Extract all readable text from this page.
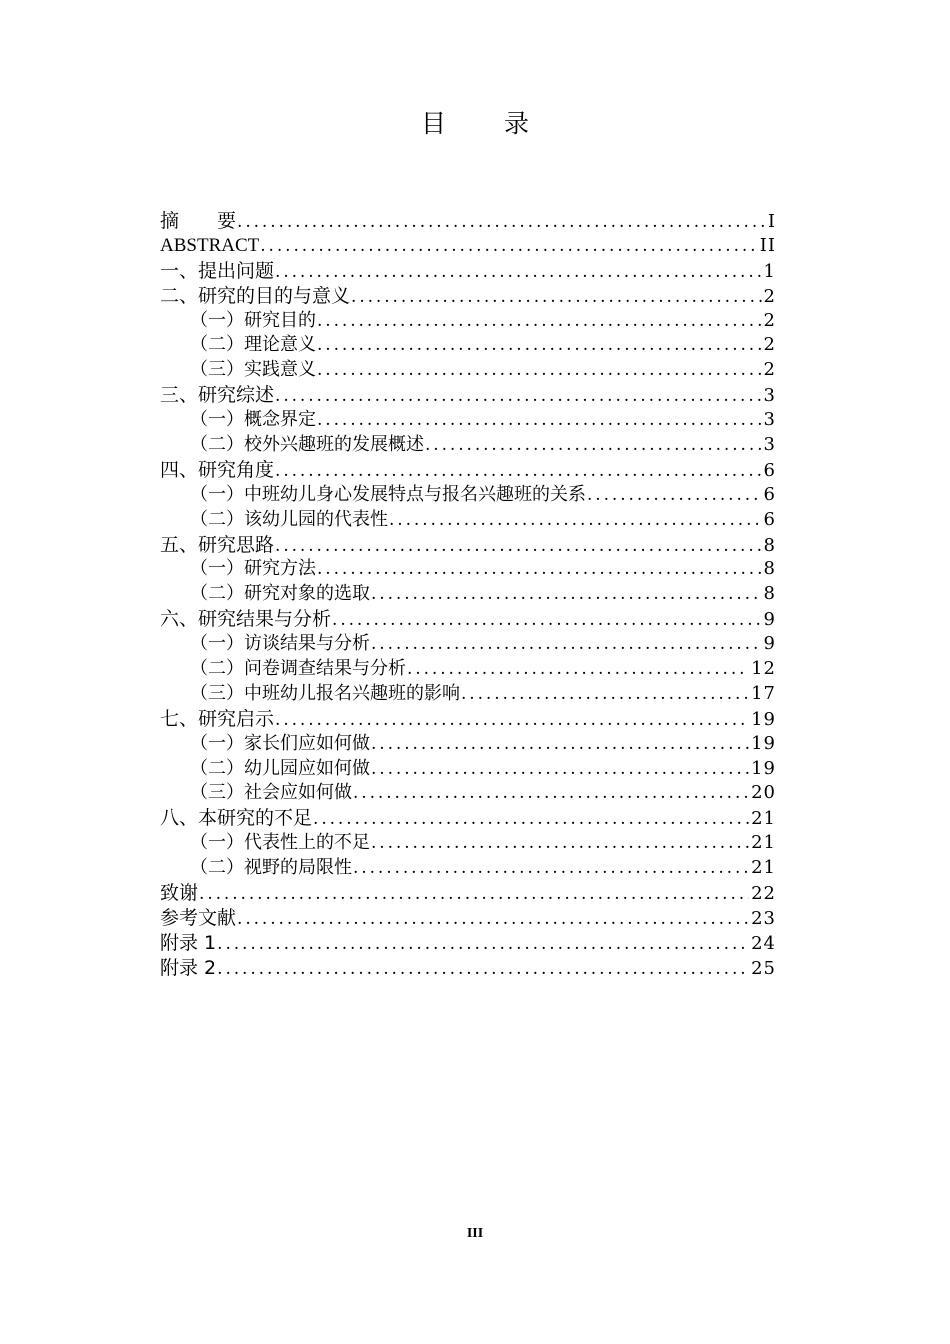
目 录
摘　　要 .....	I
ABSTRACT .....	II
一、提出问题 .....	1
二、研究的目的与意义 .....	2
（一）研究目的 .....	2
（二）理论意义 .....	2
（三）实践意义 .....	2
三、研究综述 .....	3
（一）概念界定 .....	3
（二）校外兴趣班的发展概述 .....	3
四、研究角度 .....	6
（一）中班幼儿身心发展特点与报名兴趣班的关系 .....	6
（二）该幼儿园的代表性 .....	6
五、研究思路 .....	8
（一）研究方法 .....	8
（二）研究对象的选取 .....	8
六、研究结果与分析 .....	9
（一）访谈结果与分析 .....	9
（二）问卷调查结果与分析 .....	12
（三）中班幼儿报名兴趣班的影响 .....	17
七、研究启示 .....	19
（一）家长们应如何做 .....	19
（二）幼儿园应如何做 .....	19
（三）社会应如何做 .....	20
八、本研究的不足 .....	21
（一）代表性上的不足 .....	21
（二）视野的局限性 .....	21
致谢 .....	22
参考文献 .....	23
附录 1 .....	24
附录 2 .....	25
III
